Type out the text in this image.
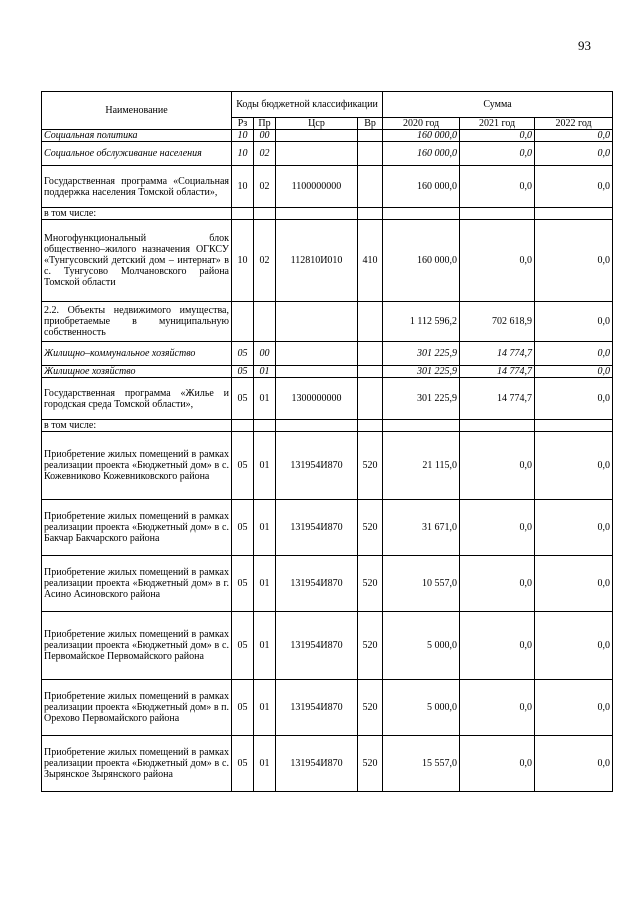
93
Наименование	Коды бюджетной классификации				Сумма		
	Рз	Пр	Цср	Вр	2020 год	2021 год	2022 год
Социальная политика	10	00			160 000,0	0,0	0,0
Социальное обслуживание населения	10	02			160 000,0	0,0	0,0
Государственная программа «Социальная поддержка населения Томской области»,	10	02	1100000000		160 000,0	0,0	0,0
в том числе:							
Многофункциональный блок общественно–жилого назначения ОГКСУ «Тунгусовский детский дом – интернат» в с. Тунгусово Молчановского района Томской области	10	02	112810И010	410	160 000,0	0,0	0,0
2.2. Объекты недвижимого имущества, приобретаемые в муниципальную собственность					1 112 596,2	702 618,9	0,0
Жилищно–коммунальное хозяйство	05	00			301 225,9	14 774,7	0,0
Жилищное хозяйство	05	01			301 225,9	14 774,7	0,0
Государственная программа «Жилье и городская среда Томской области»,	05	01	1300000000		301 225,9	14 774,7	0,0
в том числе:							
Приобретение жилых помещений в рамках реализации проекта «Бюджетный дом» в с. Кожевниково Кожевниковского района	05	01	131954И870	520	21 115,0	0,0	0,0
Приобретение жилых помещений в рамках реализации проекта «Бюджетный дом» в с. Бакчар Бакчарского района	05	01	131954И870	520	31 671,0	0,0	0,0
Приобретение жилых помещений в рамках реализации проекта «Бюджетный дом» в г. Асино Асиновского района	05	01	131954И870	520	10 557,0	0,0	0,0
Приобретение жилых помещений в рамках реализации проекта «Бюджетный дом» в с. Первомайское Первомайского района	05	01	131954И870	520	5 000,0	0,0	0,0
Приобретение жилых помещений в рамках реализации проекта «Бюджетный дом» в п. Орехово Первомайского района	05	01	131954И870	520	5 000,0	0,0	0,0
Приобретение жилых помещений в рамках реализации проекта «Бюджетный дом» в с. Зырянское Зырянского района	05	01	131954И870	520	15 557,0	0,0	0,0
